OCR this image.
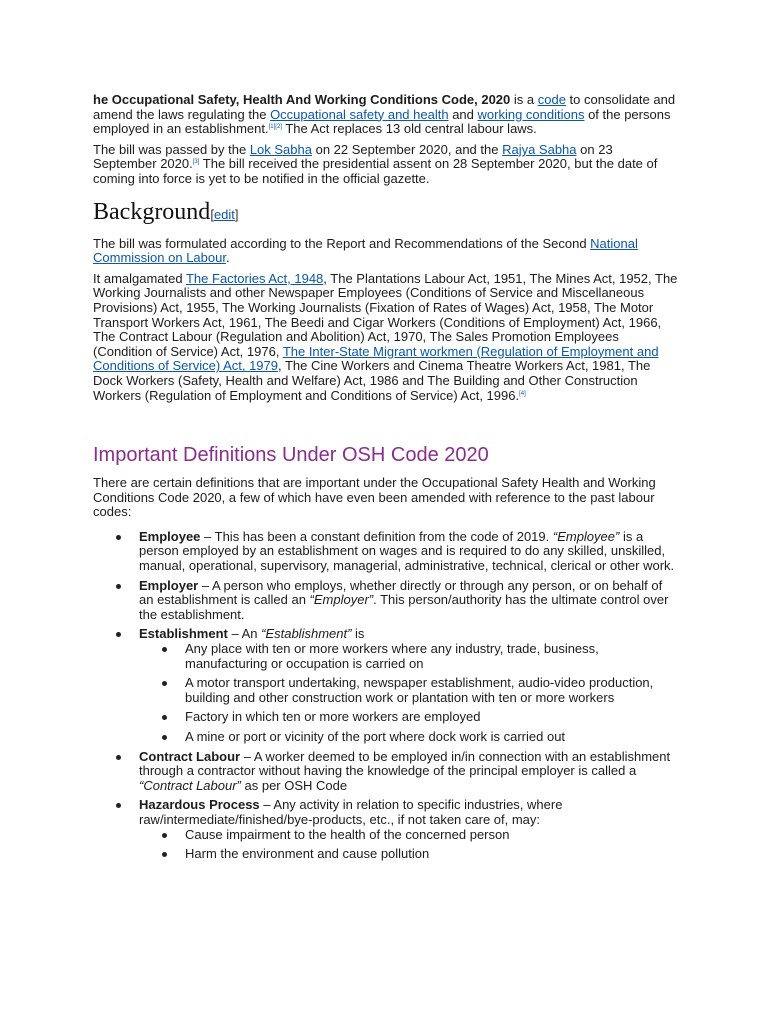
he Occupational Safety, Health And Working Conditions Code, 2020 is a code to consolidate and amend the laws regulating the Occupational safety and health and working conditions of the persons employed in an establishment.[1][2] The Act replaces 13 old central labour laws.

The bill was passed by the Lok Sabha on 22 September 2020, and the Rajya Sabha on 23 September 2020.[3] The bill received the presidential assent on 28 September 2020, but the date of coming into force is yet to be notified in the official gazette.

Background[edit]

The bill was formulated according to the Report and Recommendations of the Second National Commission on Labour.

It amalgamated The Factories Act, 1948, The Plantations Labour Act, 1951, The Mines Act, 1952, The Working Journalists and other Newspaper Employees (Conditions of Service and Miscellaneous Provisions) Act, 1955, The Working Journalists (Fixation of Rates of Wages) Act, 1958, The Motor Transport Workers Act, 1961, The Beedi and Cigar Workers (Conditions of Employment) Act, 1966, The Contract Labour (Regulation and Abolition) Act, 1970, The Sales Promotion Employees (Condition of Service) Act, 1976, The Inter-State Migrant workmen (Regulation of Employment and Conditions of Service) Act, 1979, The Cine Workers and Cinema Theatre Workers Act, 1981, The Dock Workers (Safety, Health and Welfare) Act, 1986 and The Building and Other Construction Workers (Regulation of Employment and Conditions of Service) Act, 1996.[4]

Important Definitions Under OSH Code 2020

There are certain definitions that are important under the Occupational Safety Health and Working Conditions Code 2020, a few of which have even been amended with reference to the past labour codes:

Employee – This has been a constant definition from the code of 2019. “Employee” is a person employed by an establishment on wages and is required to do any skilled, unskilled, manual, operational, supervisory, managerial, administrative, technical, clerical or other work.
Employer – A person who employs, whether directly or through any person, or on behalf of an establishment is called an “Employer”. This person/authority has the ultimate control over the establishment.
Establishment – An “Establishment” is
Any place with ten or more workers where any industry, trade, business, manufacturing or occupation is carried on
A motor transport undertaking, newspaper establishment, audio-video production, building and other construction work or plantation with ten or more workers
Factory in which ten or more workers are employed
A mine or port or vicinity of the port where dock work is carried out
Contract Labour – A worker deemed to be employed in/in connection with an establishment through a contractor without having the knowledge of the principal employer is called a “Contract Labour” as per OSH Code
Hazardous Process – Any activity in relation to specific industries, where raw/intermediate/finished/bye-products, etc., if not taken care of, may:
Cause impairment to the health of the concerned person
Harm the environment and cause pollution
